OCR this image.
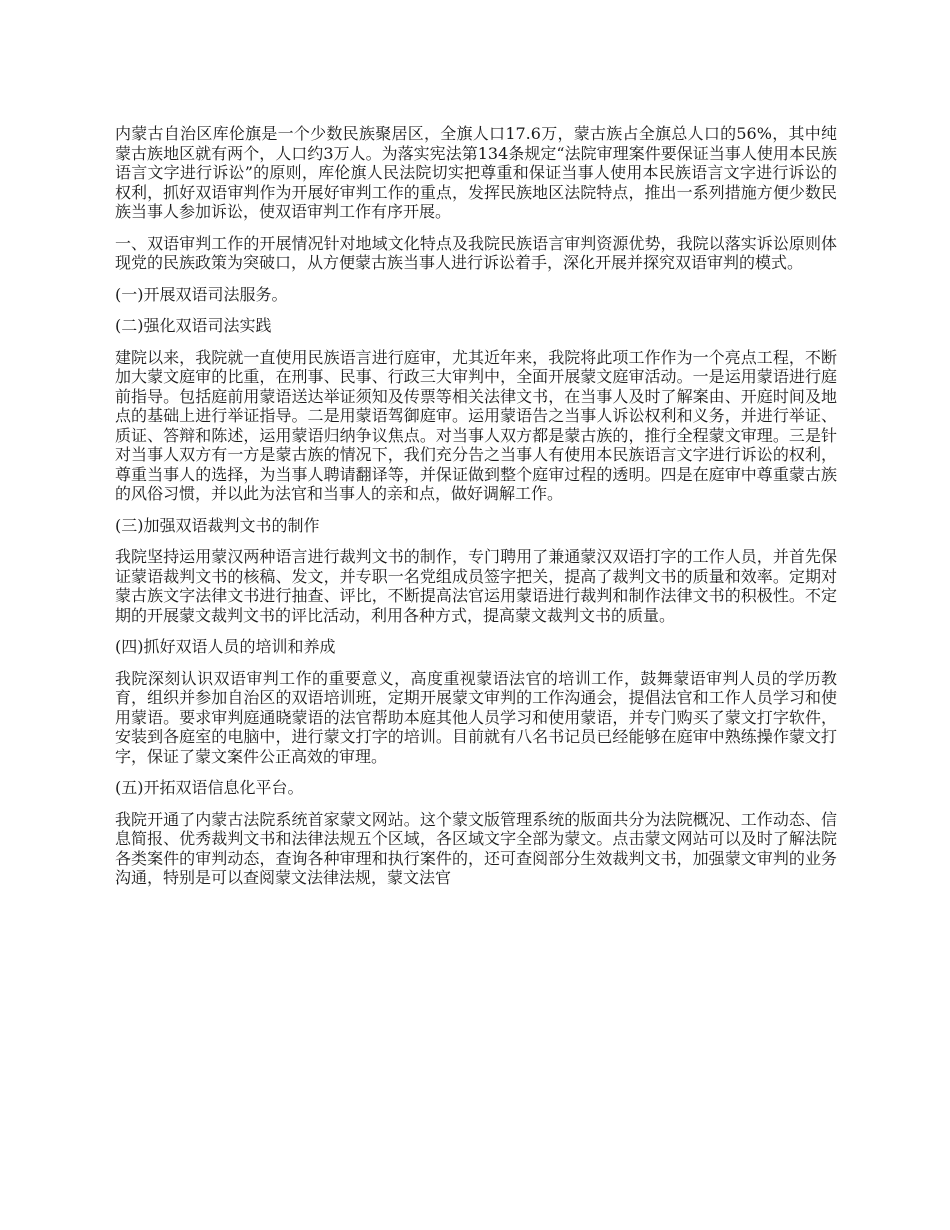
内蒙古自治区库伦旗是一个少数民族聚居区，全旗人口17.6万，蒙古族占全旗总人口的56%，其中纯蒙古族地区就有两个，人口约3万人。为落实宪法第134条规定“法院审理案件要保证当事人使用本民族语言文字进行诉讼”的原则，库伦旗人民法院切实把尊重和保证当事人使用本民族语言文字进行诉讼的权利，抓好双语审判作为开展好审判工作的重点，发挥民族地区法院特点，推出一系列措施方便少数民族当事人参加诉讼，使双语审判工作有序开展。

一、双语审判工作的开展情况针对地域文化特点及我院民族语言审判资源优势，我院以落实诉讼原则体现党的民族政策为突破口，从方便蒙古族当事人进行诉讼着手，深化开展并探究双语审判的模式。

(一)开展双语司法服务。

(二)强化双语司法实践

建院以来，我院就一直使用民族语言进行庭审，尤其近年来，我院将此项工作作为一个亮点工程，不断加大蒙文庭审的比重，在刑事、民事、行政三大审判中，全面开展蒙文庭审活动。一是运用蒙语进行庭前指导。包括庭前用蒙语送达举证须知及传票等相关法律文书，在当事人及时了解案由、开庭时间及地点的基础上进行举证指导。二是用蒙语驾御庭审。运用蒙语告之当事人诉讼权利和义务，并进行举证、质证、答辩和陈述，运用蒙语归纳争议焦点。对当事人双方都是蒙古族的，推行全程蒙文审理。三是针对当事人双方有一方是蒙古族的情况下，我们充分告之当事人有使用本民族语言文字进行诉讼的权利，尊重当事人的选择，为当事人聘请翻译等，并保证做到整个庭审过程的透明。四是在庭审中尊重蒙古族的风俗习惯，并以此为法官和当事人的亲和点，做好调解工作。

(三)加强双语裁判文书的制作

我院坚持运用蒙汉两种语言进行裁判文书的制作，专门聘用了兼通蒙汉双语打字的工作人员，并首先保证蒙语裁判文书的核稿、发文，并专职一名党组成员签字把关，提高了裁判文书的质量和效率。定期对蒙古族文字法律文书进行抽查、评比，不断提高法官运用蒙语进行裁判和制作法律文书的积极性。不定期的开展蒙文裁判文书的评比活动，利用各种方式，提高蒙文裁判文书的质量。

(四)抓好双语人员的培训和养成

我院深刻认识双语审判工作的重要意义，高度重视蒙语法官的培训工作，鼓舞蒙语审判人员的学历教育，组织并参加自治区的双语培训班，定期开展蒙文审判的工作沟通会，提倡法官和工作人员学习和使用蒙语。要求审判庭通晓蒙语的法官帮助本庭其他人员学习和使用蒙语，并专门购买了蒙文打字软件，安装到各庭室的电脑中，进行蒙文打字的培训。目前就有八名书记员已经能够在庭审中熟练操作蒙文打字，保证了蒙文案件公正高效的审理。

(五)开拓双语信息化平台。

我院开通了内蒙古法院系统首家蒙文网站。这个蒙文版管理系统的版面共分为法院概况、工作动态、信息简报、优秀裁判文书和法律法规五个区域，各区域文字全部为蒙文。点击蒙文网站可以及时了解法院各类案件的审判动态，查询各种审理和执行案件的，还可查阅部分生效裁判文书，加强蒙文审判的业务沟通，特别是可以查阅蒙文法律法规，蒙文法官
